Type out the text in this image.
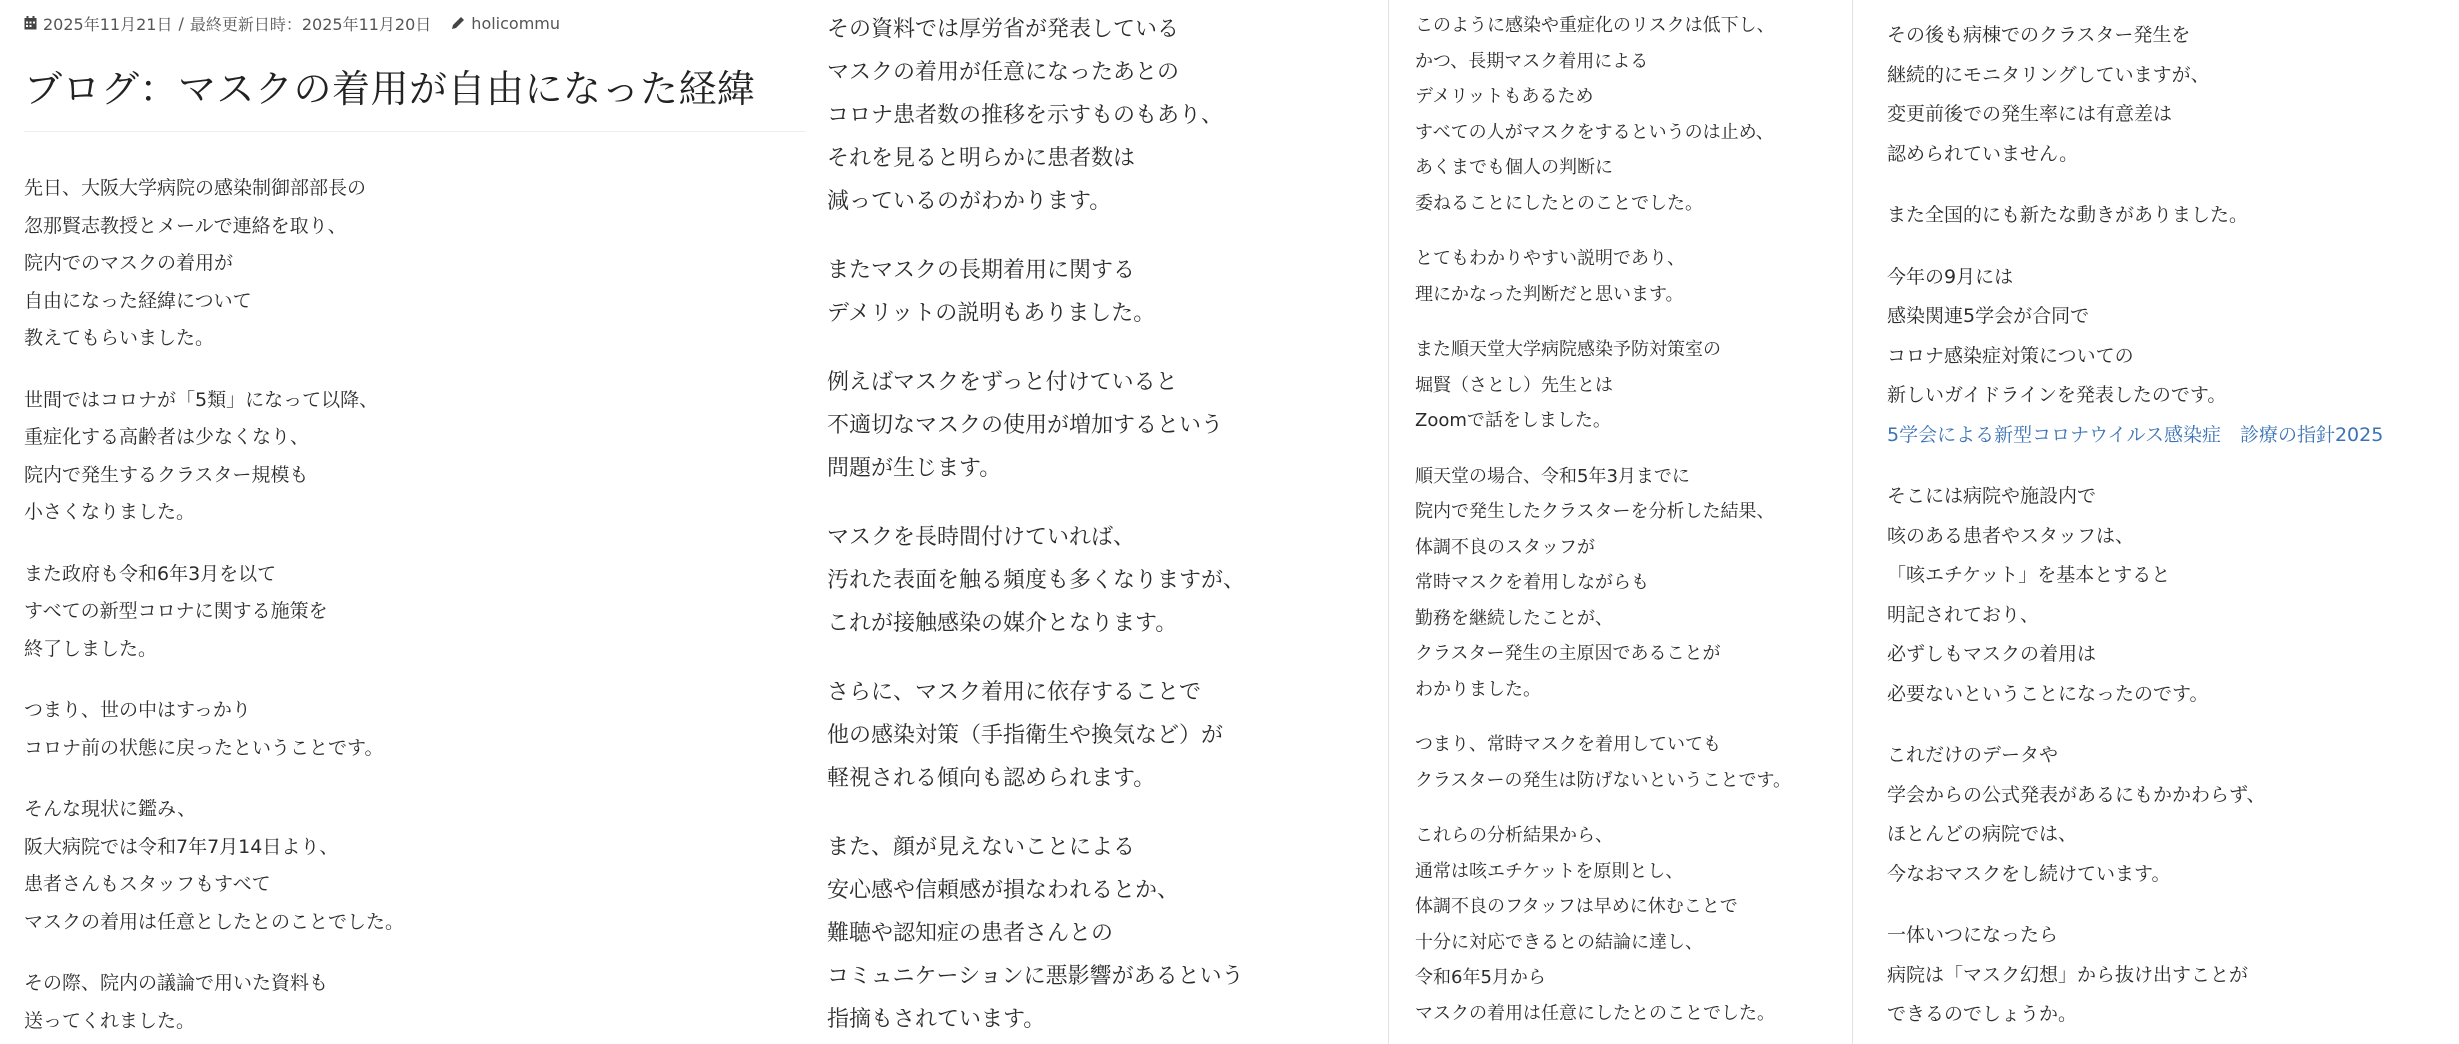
2025年11月21日 / 最終更新日時：2025年11月20日	holicommu
ブログ：マスクの着用が自由になった経緯

先日、大阪大学病院の感染制御部部長の
忽那賢志教授とメールで連絡を取り、
院内でのマスクの着用が
自由になった経緯について
教えてもらいました。

世間ではコロナが「5類」になって以降、
重症化する高齢者は少なくなり、
院内で発生するクラスター規模も
小さくなりました。

また政府も令和6年3月を以て
すべての新型コロナに関する施策を
終了しました。

つまり、世の中はすっかり
コロナ前の状態に戻ったということです。

そんな現状に鑑み、
阪大病院では令和7年7月14日より、
患者さんもスタッフもすべて
マスクの着用は任意としたとのことでした。

その際、院内の議論で用いた資料も
送ってくれました。

その資料では厚労省が発表している
マスクの着用が任意になったあとの
コロナ患者数の推移を示すものもあり、
それを見ると明らかに患者数は
減っているのがわかります。

またマスクの長期着用に関する
デメリットの説明もありました。

例えばマスクをずっと付けていると
不適切なマスクの使用が増加するという
問題が生じます。

マスクを長時間付けていれば、
汚れた表面を触る頻度も多くなりますが、
これが接触感染の媒介となります。

さらに、マスク着用に依存することで
他の感染対策（手指衛生や換気など）が
軽視される傾向も認められます。

また、顔が見えないことによる
安心感や信頼感が損なわれるとか、
難聴や認知症の患者さんとの
コミュニケーションに悪影響があるという
指摘もされています。

このように感染や重症化のリスクは低下し、
かつ、長期マスク着用による
デメリットもあるため
すべての人がマスクをするというのは止め、
あくまでも個人の判断に
委ねることにしたとのことでした。

とてもわかりやすい説明であり、
理にかなった判断だと思います。

また順天堂大学病院感染予防対策室の
堀賢（さとし）先生とは
Zoomで話をしました。

順天堂の場合、令和5年3月までに
院内で発生したクラスターを分析した結果、
体調不良のスタッフが
常時マスクを着用しながらも
勤務を継続したことが、
クラスター発生の主原因であることが
わかりました。

つまり、常時マスクを着用していても
クラスターの発生は防げないということです。

これらの分析結果から、
通常は咳エチケットを原則とし、
体調不良のフタッフは早めに休むことで
十分に対応できるとの結論に達し、
令和6年5月から
マスクの着用は任意にしたとのことでした。

その後も病棟でのクラスター発生を
継続的にモニタリングしていますが、
変更前後での発生率には有意差は
認められていません。

また全国的にも新たな動きがありました。

今年の9月には
感染関連5学会が合同で
コロナ感染症対策についての
新しいガイドラインを発表したのです。
5学会による新型コロナウイルス感染症　診療の指針2025

そこには病院や施設内で
咳のある患者やスタッフは、
「咳エチケット」を基本とすると
明記されており、
必ずしもマスクの着用は
必要ないということになったのです。

これだけのデータや
学会からの公式発表があるにもかかわらず、
ほとんどの病院では、
今なおマスクをし続けています。

一体いつになったら
病院は「マスク幻想」から抜け出すことが
できるのでしょうか。
